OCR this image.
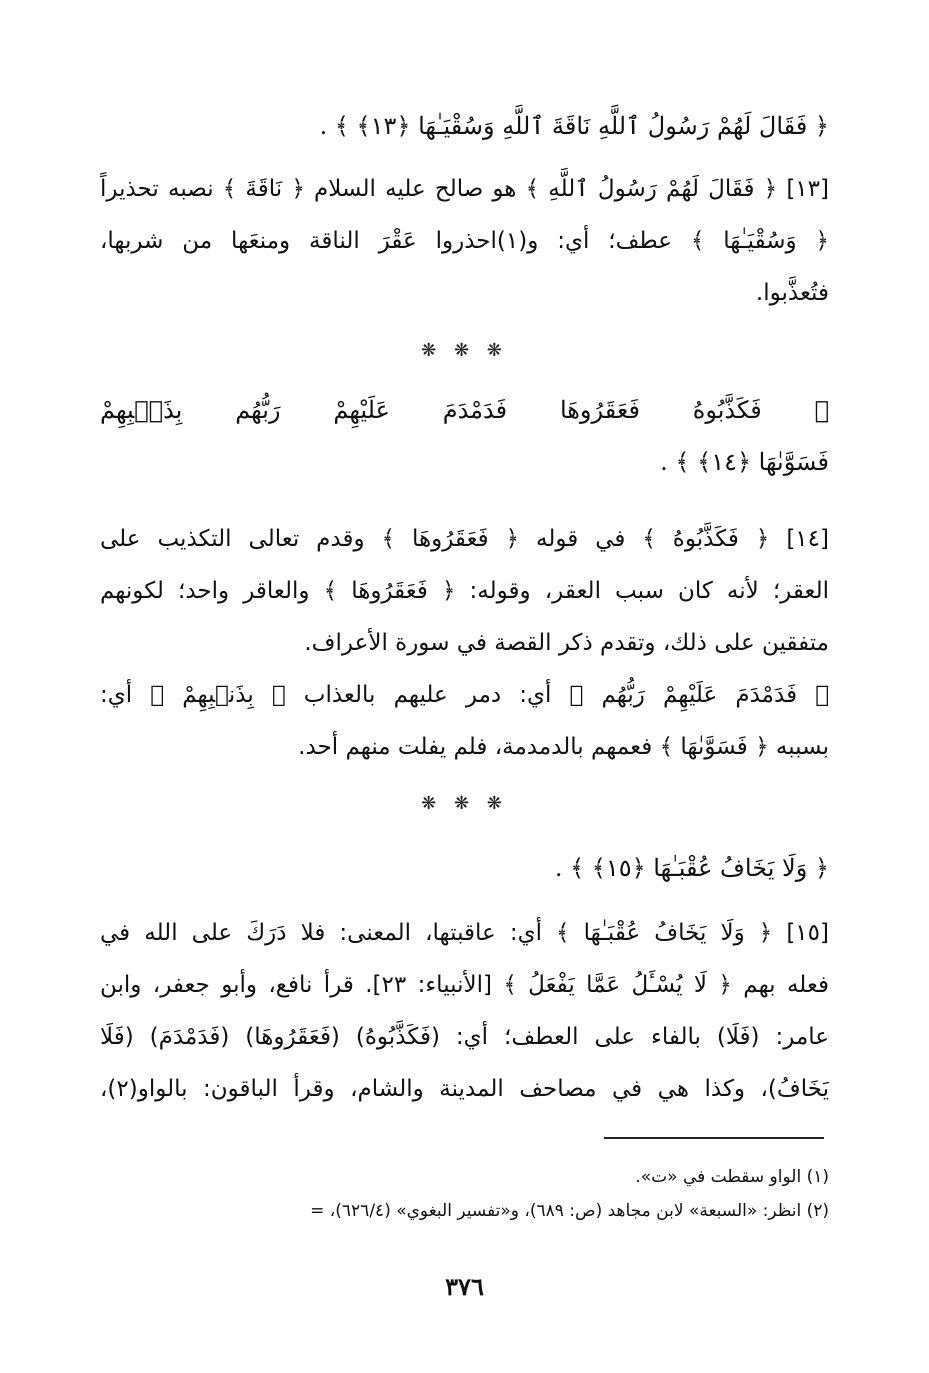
﴿ فَقَالَ لَهُمْ رَسُولُ ٱللَّهِ نَاقَةَ ٱللَّهِ وَسُقْيَـٰهَا ﴿١٣﴾ ﴾ .
[١٣] ﴿ فَقَالَ لَهُمْ رَسُولُ ٱللَّهِ ﴾ هو صالح عليه السلام ﴿ نَاقَةَ ﴾ نصبه تحذيراً
﴿ وَسُقْيَـٰهَا ﴾ عطف؛ أي: و(١)احذروا عَقْرَ الناقة ومنعَها من شربها،
فتُعذَّبوا.
❋ ❋ ❋
﴿ فَكَذَّبُوهُ فَعَقَرُوهَا فَدَمْدَمَ عَلَيْهِمْ رَبُّهُم بِذَنۢبِهِمْ
فَسَوَّىٰهَا ﴿١٤﴾ ﴾ .
[١٤] ﴿ فَكَذَّبُوهُ ﴾ في قوله ﴿ فَعَقَرُوهَا ﴾ وقدم تعالى التكذيب على
العقر؛ لأنه كان سبب العقر، وقوله: ﴿ فَعَقَرُوهَا ﴾ والعاقر واحد؛ لكونهم
متفقين على ذلك، وتقدم ذكر القصة في سورة الأعراف.
﴿ فَدَمْدَمَ عَلَيْهِمْ رَبُّهُم ﴾ أي: دمر عليهم بالعذاب ﴿ بِذَنۢبِهِمْ ﴾ أي:
بسببه ﴿ فَسَوَّىٰهَا ﴾ فعمهم بالدمدمة، فلم يفلت منهم أحد.
❋ ❋ ❋
﴿ وَلَا يَخَافُ عُقْبَـٰهَا ﴿١٥﴾ ﴾ .
[١٥] ﴿ وَلَا يَخَافُ عُقْبَـٰهَا ﴾ أي: عاقبتها، المعنى: فلا دَرَكَ على الله في
فعله بهم ﴿ لَا يُسْـَٔلُ عَمَّا يَفْعَلُ ﴾ [الأنبياء: ٢٣]. قرأ نافع، وأبو جعفر، وابن
عامر: (فَلَا) بالفاء على العطف؛ أي: (فَكَذَّبُوهُ) (فَعَقَرُوهَا) (فَدَمْدَمَ) (فَلَا
يَخَافُ)، وكذا هي في مصاحف المدينة والشام، وقرأ الباقون: بالواو(٢)،
(١) الواو سقطت في «ت».
(٢) انظر: «السبعة» لابن مجاهد (ص: ٦٨٩)، و«تفسير البغوي» (٦٢٦/٤)، =
٣٧٦
